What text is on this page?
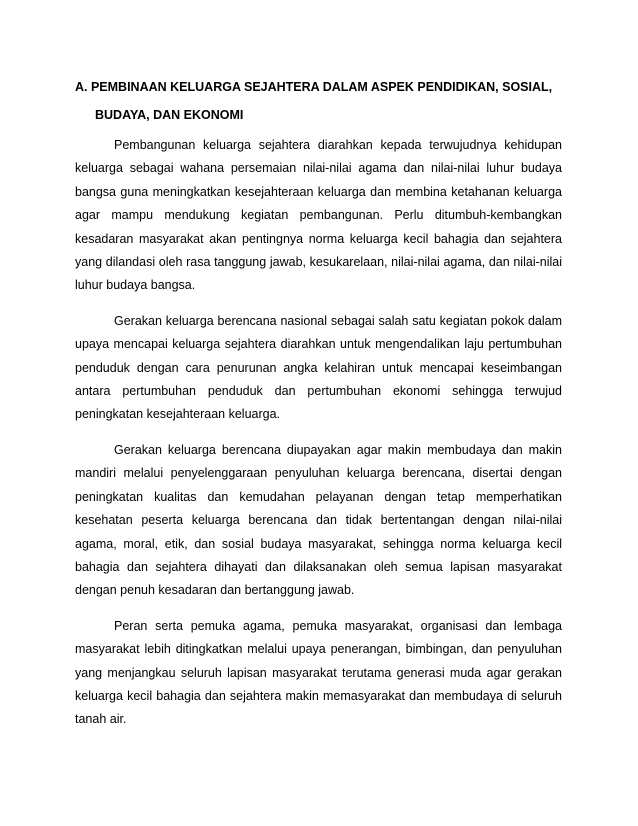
A. PEMBINAAN KELUARGA SEJAHTERA DALAM ASPEK PENDIDIKAN, SOSIAL,
BUDAYA, DAN EKONOMI

Pembangunan keluarga sejahtera diarahkan kepada terwujudnya kehidupan keluarga sebagai wahana persemaian nilai-nilai agama dan nilai-nilai luhur budaya bangsa guna meningkatkan kesejahteraan keluarga dan membina ketahanan keluarga agar mampu mendukung kegiatan pembangunan. Perlu ditumbuh-kembangkan kesadaran masyarakat akan pentingnya norma keluarga kecil bahagia dan sejahtera yang dilandasi oleh rasa tanggung jawab, kesukarelaan, nilai-nilai agama, dan nilai-nilai luhur budaya bangsa.

Gerakan keluarga berencana nasional sebagai salah satu kegiatan pokok dalam upaya mencapai keluarga sejahtera diarahkan untuk mengendalikan laju pertumbuhan penduduk dengan cara penurunan angka kelahiran untuk mencapai keseimbangan antara pertumbuhan penduduk dan pertumbuhan ekonomi sehingga terwujud peningkatan kesejahteraan keluarga.

Gerakan keluarga berencana diupayakan agar makin membudaya dan makin mandiri melalui penyelenggaraan penyuluhan keluarga berencana, disertai dengan peningkatan kualitas dan kemudahan pelayanan dengan tetap memperhatikan kesehatan peserta keluarga berencana dan tidak bertentangan dengan nilai-nilai agama, moral, etik, dan sosial budaya masyarakat, sehingga norma keluarga kecil bahagia dan sejahtera dihayati dan dilaksanakan oleh semua lapisan masyarakat dengan penuh kesadaran dan bertanggung jawab.

Peran serta pemuka agama, pemuka masyarakat, organisasi dan lembaga masyarakat lebih ditingkatkan melalui upaya penerangan, bimbingan, dan penyuluhan yang menjangkau seluruh lapisan masyarakat terutama generasi muda agar gerakan keluarga kecil bahagia dan sejahtera makin memasyarakat dan membudaya di seluruh tanah air.
